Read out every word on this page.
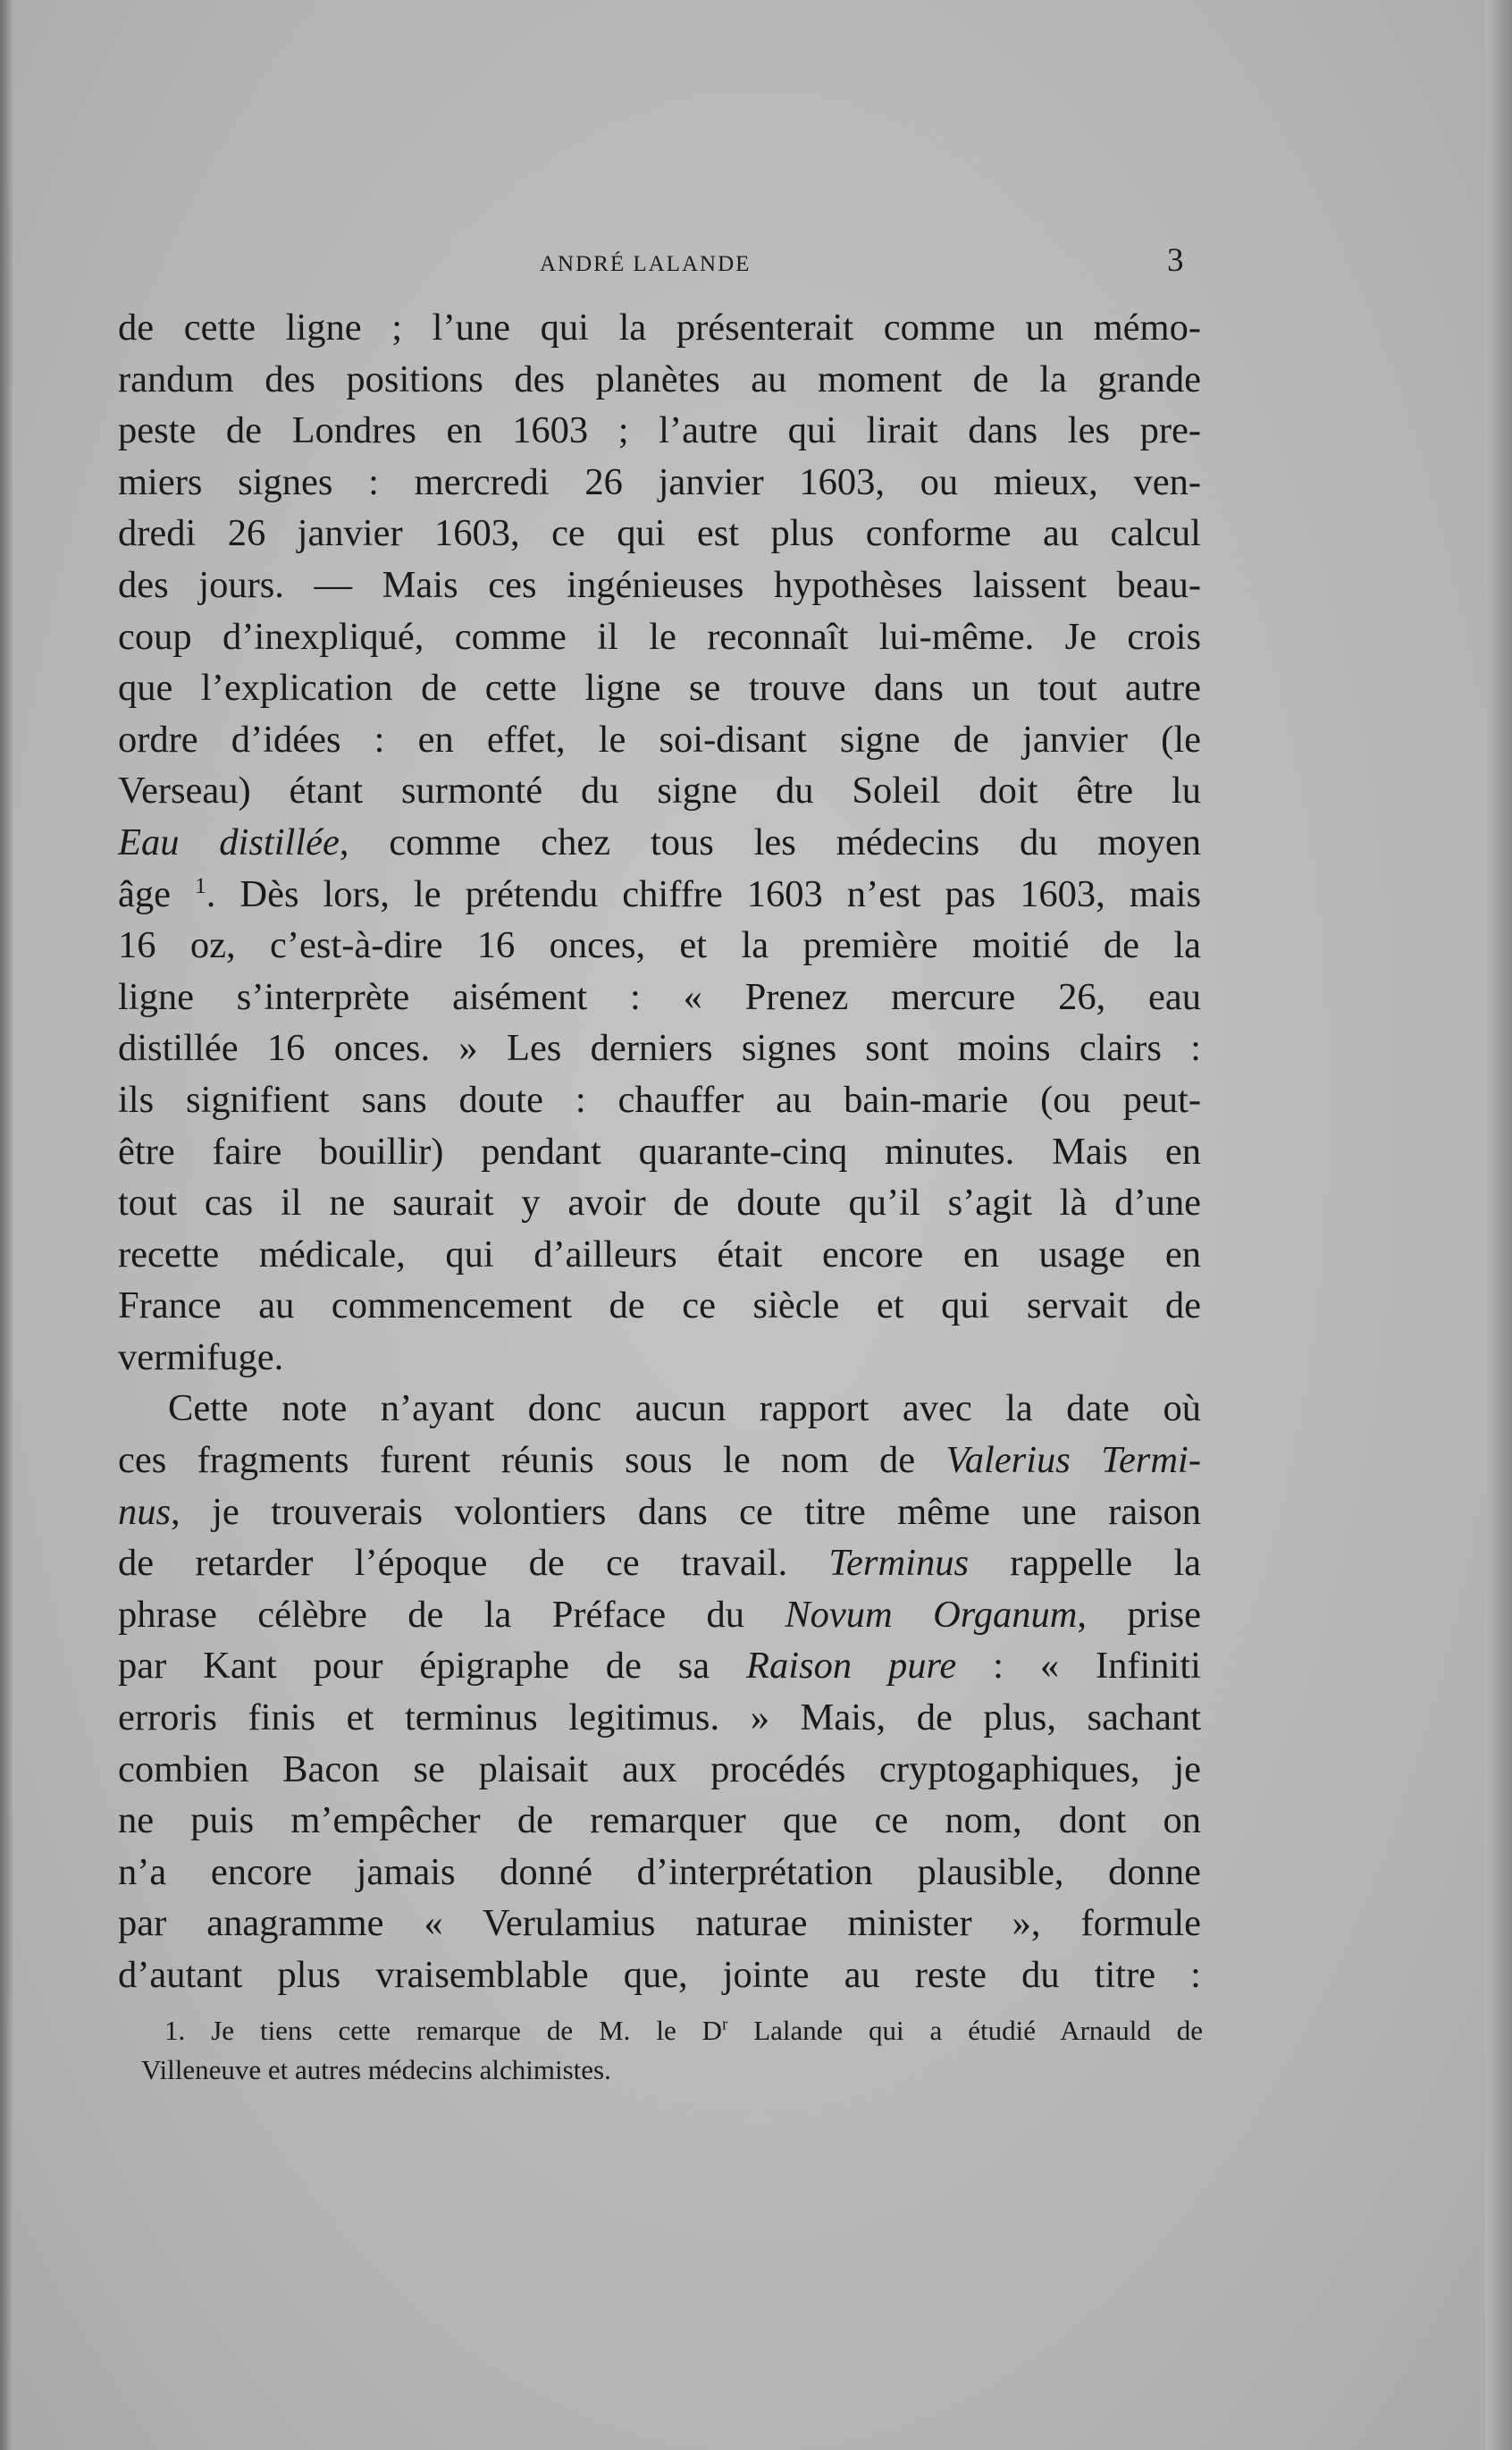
ANDRÉ LALANDE	3
de cette ligne ; l’une qui la présenterait comme un mémo-
randum des positions des planètes au moment de la grande
peste de Londres en 1603 ; l’autre qui lirait dans les pre-
miers signes : mercredi 26 janvier 1603, ou mieux, ven-
dredi 26 janvier 1603, ce qui est plus conforme au calcul
des jours. — Mais ces ingénieuses hypothèses laissent beau-
coup d’inexpliqué, comme il le reconnaît lui-même. Je crois
que l’explication de cette ligne se trouve dans un tout autre
ordre d’idées : en effet, le soi-disant signe de janvier (le
Verseau) étant surmonté du signe du Soleil doit être lu
Eau distillée, comme chez tous les médecins du moyen
âge $^1$. Dès lors, le prétendu chiffre 1603 n’est pas 1603, mais
16 oz, c’est-à-dire 16 onces, et la première moitié de la
ligne s’interprète aisément : « Prenez mercure 26, eau
distillée 16 onces. » Les derniers signes sont moins clairs :
ils signifient sans doute : chauffer au bain-marie (ou peut-
être faire bouillir) pendant quarante-cinq minutes. Mais en
tout cas il ne saurait y avoir de doute qu’il s’agit là d’une
recette médicale, qui d’ailleurs était encore en usage en
France au commencement de ce siècle et qui servait de
vermifuge.
Cette note n’ayant donc aucun rapport avec la date où
ces fragments furent réunis sous le nom de Valerius Termi-
nus, je trouverais volontiers dans ce titre même une raison
de retarder l’époque de ce travail. Terminus rappelle la
phrase célèbre de la Préface du Novum Organum, prise
par Kant pour épigraphe de sa Raison pure : « Infiniti
erroris finis et terminus legitimus. » Mais, de plus, sachant
combien Bacon se plaisait aux procédés cryptogaphiques, je
ne puis m’empêcher de remarquer que ce nom, dont on
n’a encore jamais donné d’interprétation plausible, donne
par anagramme « Verulamius naturae minister », formule
d’autant plus vraisemblable que, jointe au reste du titre :
1. Je tiens cette remarque de M. le $D^r$ Lalande qui a étudié Arnauld de
Villeneuve et autres médecins alchimistes.
